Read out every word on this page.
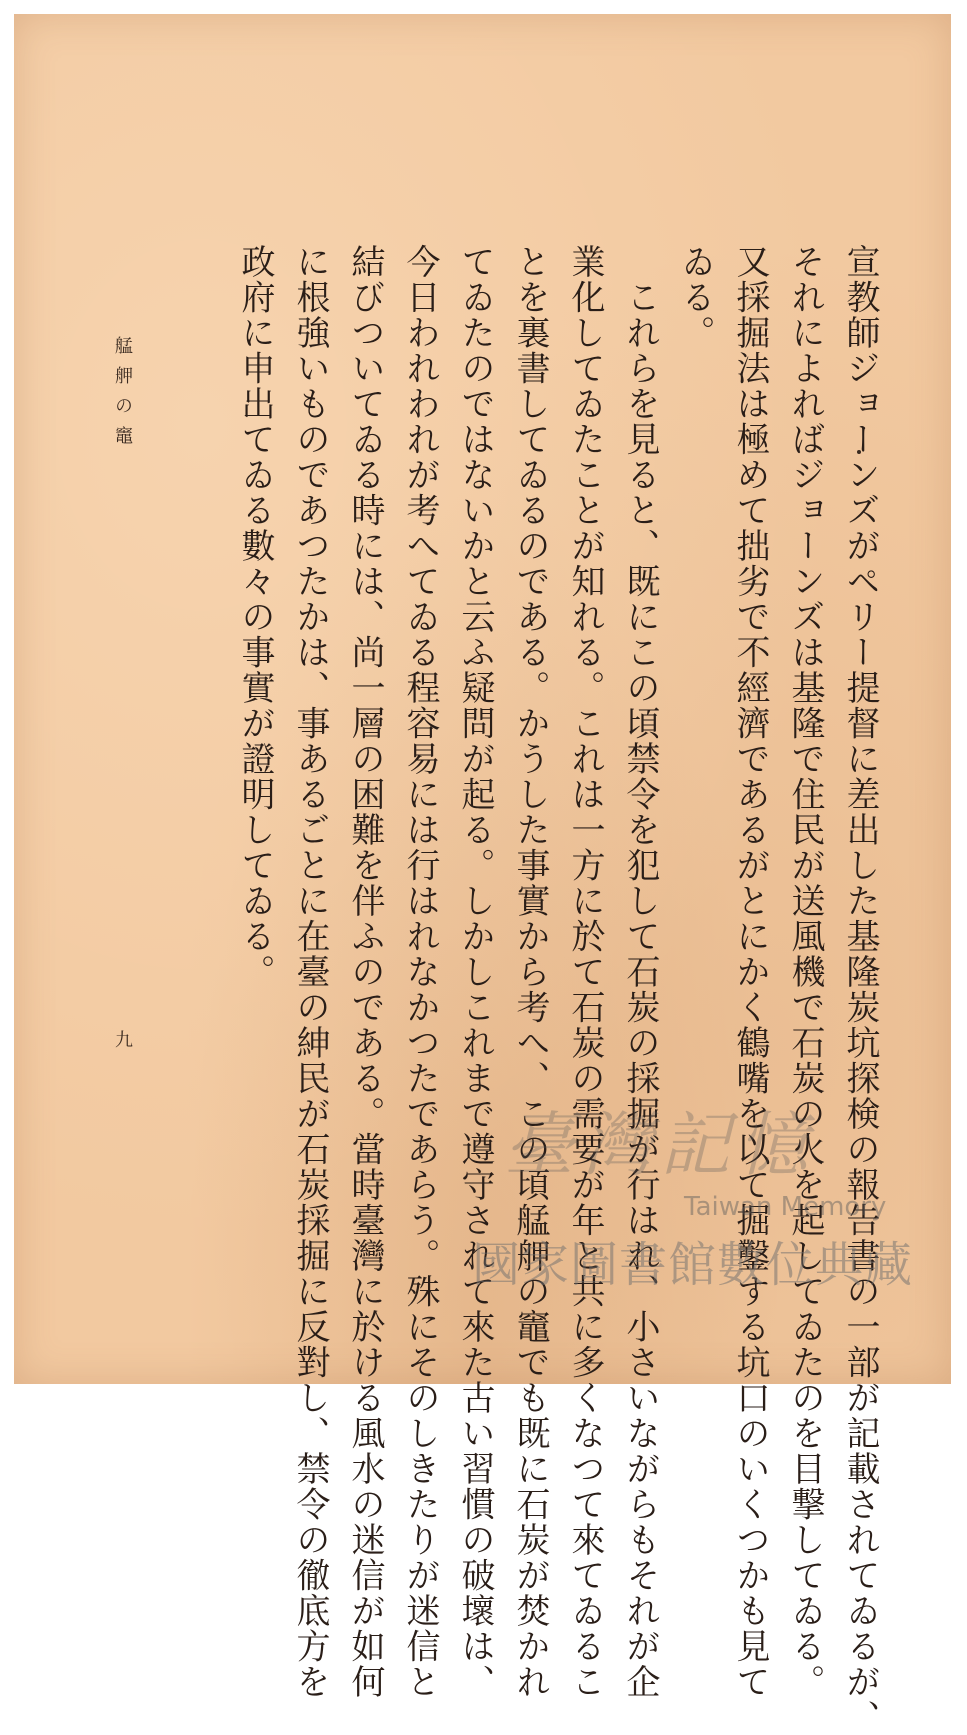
宣教師ジョーンズがペリー提督に差出した基隆炭坑探検の報告書の一部が記載されてゐるが、
それによればジョーンズは基隆で住民が送風機で石炭の火を起してゐたのを目撃してゐる。
又採掘法は極めて拙劣で不經濟であるがとにかく鶴嘴を以て掘鑿する坑口のいくつかも見て
ゐる。
　これらを見ると、既にこの頃禁令を犯して石炭の採掘が行はれ、小さいながらもそれが企
業化してゐたことが知れる。これは一方に於て石炭の需要が年と共に多くなつて來てゐるこ
とを裏書してゐるのである。かうした事實から考へ、この頃艋舺の竈でも既に石炭が焚かれ
てゐたのではないかと云ふ疑問が起る。しかしこれまで遵守されて來た古い習慣の破壞は、
今日われわれが考へてゐる程容易には行はれなかつたであらう。殊にそのしきたりが迷信と
結びついてゐる時には、尚一層の困難を伴ふのである。當時臺灣に於ける風水の迷信が如何
に根強いものであつたかは、事あるごとに在臺の紳民が石炭採掘に反對し、禁令の徹底方を
政府に申出てゐる數々の事實が證明してゐる。
艋舺の竈
九
臺灣記憶
Taiwan Memory
國家圖書館數位典藏
